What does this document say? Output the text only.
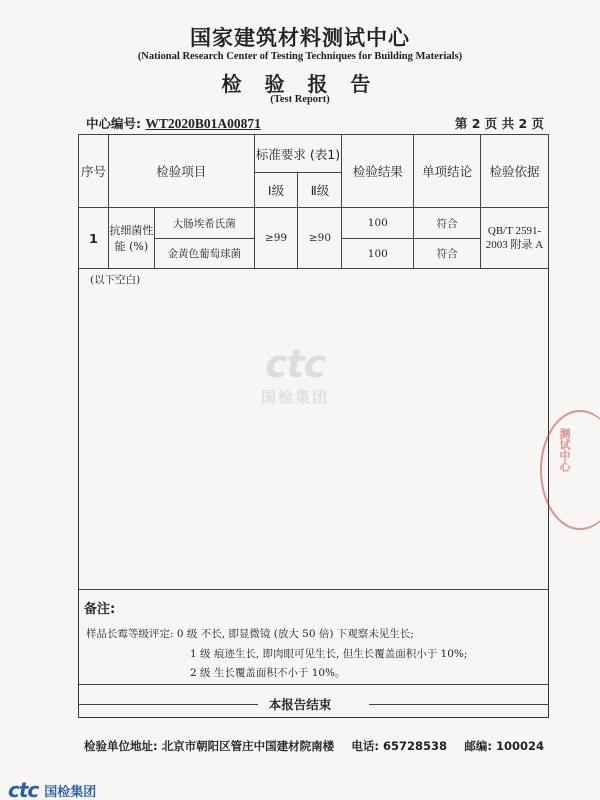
国家建筑材料测试中心
(National Research Center of Testing Techniques for Building Materials)
检 验 报 告
(Test Report)
中心编号: WT2020B01A00871	第 2 页 共 2 页
序号	检验项目		标准要求 (表1)		检验结果	单项结论	检验依据
			Ⅰ级	Ⅱ级			
1	抗细菌性能 (%)	大肠埃希氏菌	≥99	≥90	100	符合	QB/T 2591-2003 附录 A
		金黄色葡萄球菌			100	符合	
(以下空白)
ctc
国检集团
测试中心
备注:
样品长霉等级评定: 0 级 不长, 即显微镜 (放大 50 倍) 下观察未见生长;
1 级 痕迹生长, 即肉眼可见生长, 但生长覆盖面积小于 10%;
2 级 生长覆盖面积不小于 10%。
本报告结束
检验单位地址: 北京市朝阳区管庄中国建材院南楼 电话: 65728538 邮编: 100024
ctc 国检集团
